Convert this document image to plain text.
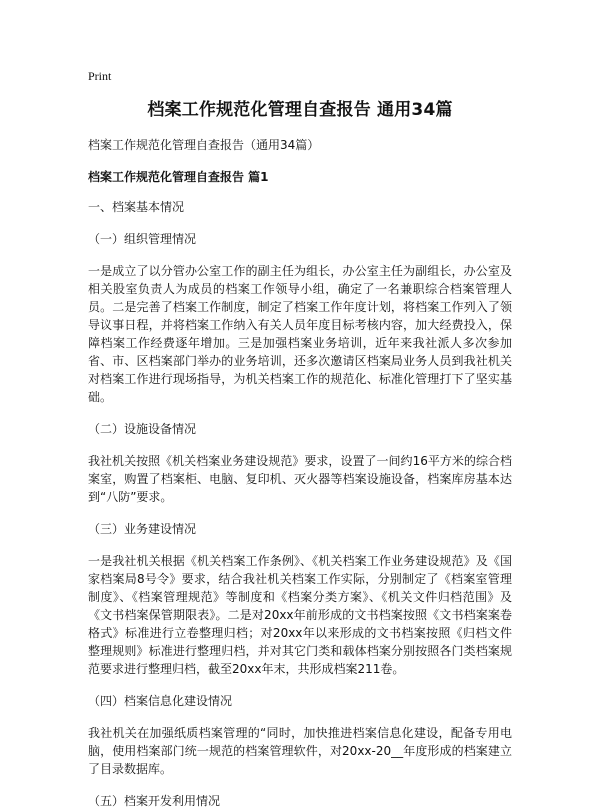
Print
档案工作规范化管理自查报告 通用34篇
档案工作规范化管理自查报告（通用34篇）
档案工作规范化管理自查报告 篇1
一、档案基本情况
（一）组织管理情况

一是成立了以分管办公室工作的副主任为组长，办公室主任为副组长，办公室及相关股室负责人为成员的档案工作领导小组，确定了一名兼职综合档案管理人员。二是完善了档案工作制度，制定了档案工作年度计划，将档案工作列入了领导议事日程，并将档案工作纳入有关人员年度目标考核内容，加大经费投入，保障档案工作经费逐年增加。三是加强档案业务培训，近年来我社派人多次参加省、市、区档案部门举办的业务培训，还多次邀请区档案局业务人员到我社机关对档案工作进行现场指导，为机关档案工作的规范化、标准化管理打下了坚实基础。

（二）设施设备情况

我社机关按照《机关档案业务建设规范》要求，设置了一间约16平方米的综合档案室，购置了档案柜、电脑、复印机、灭火器等档案设施设备，档案库房基本达到“八防”要求。

（三）业务建设情况

一是我社机关根据《机关档案工作条例》、《机关档案工作业务建设规范》及《国家档案局8号令》要求，结合我社机关档案工作实际，分别制定了《档案室管理制度》、《档案管理规范》等制度和《档案分类方案》、《机关文件归档范围》及《文书档案保管期限表》。二是对20xx年前形成的文书档案按照《文书档案案卷格式》标准进行立卷整理归档；对20xx年以来形成的文书档案按照《归档文件整理规则》标准进行整理归档，并对其它门类和载体档案分别按照各门类档案规范要求进行整理归档，截至20xx年末，共形成档案211卷。

（四）档案信息化建设情况

我社机关在加强纸质档案管理的“同时，加快推进档案信息化建设，配备专用电脑，使用档案部门统一规范的档案管理软件，对20xx-20__年度形成的档案建立了目录数据库。

（五）档案开发利用情况
